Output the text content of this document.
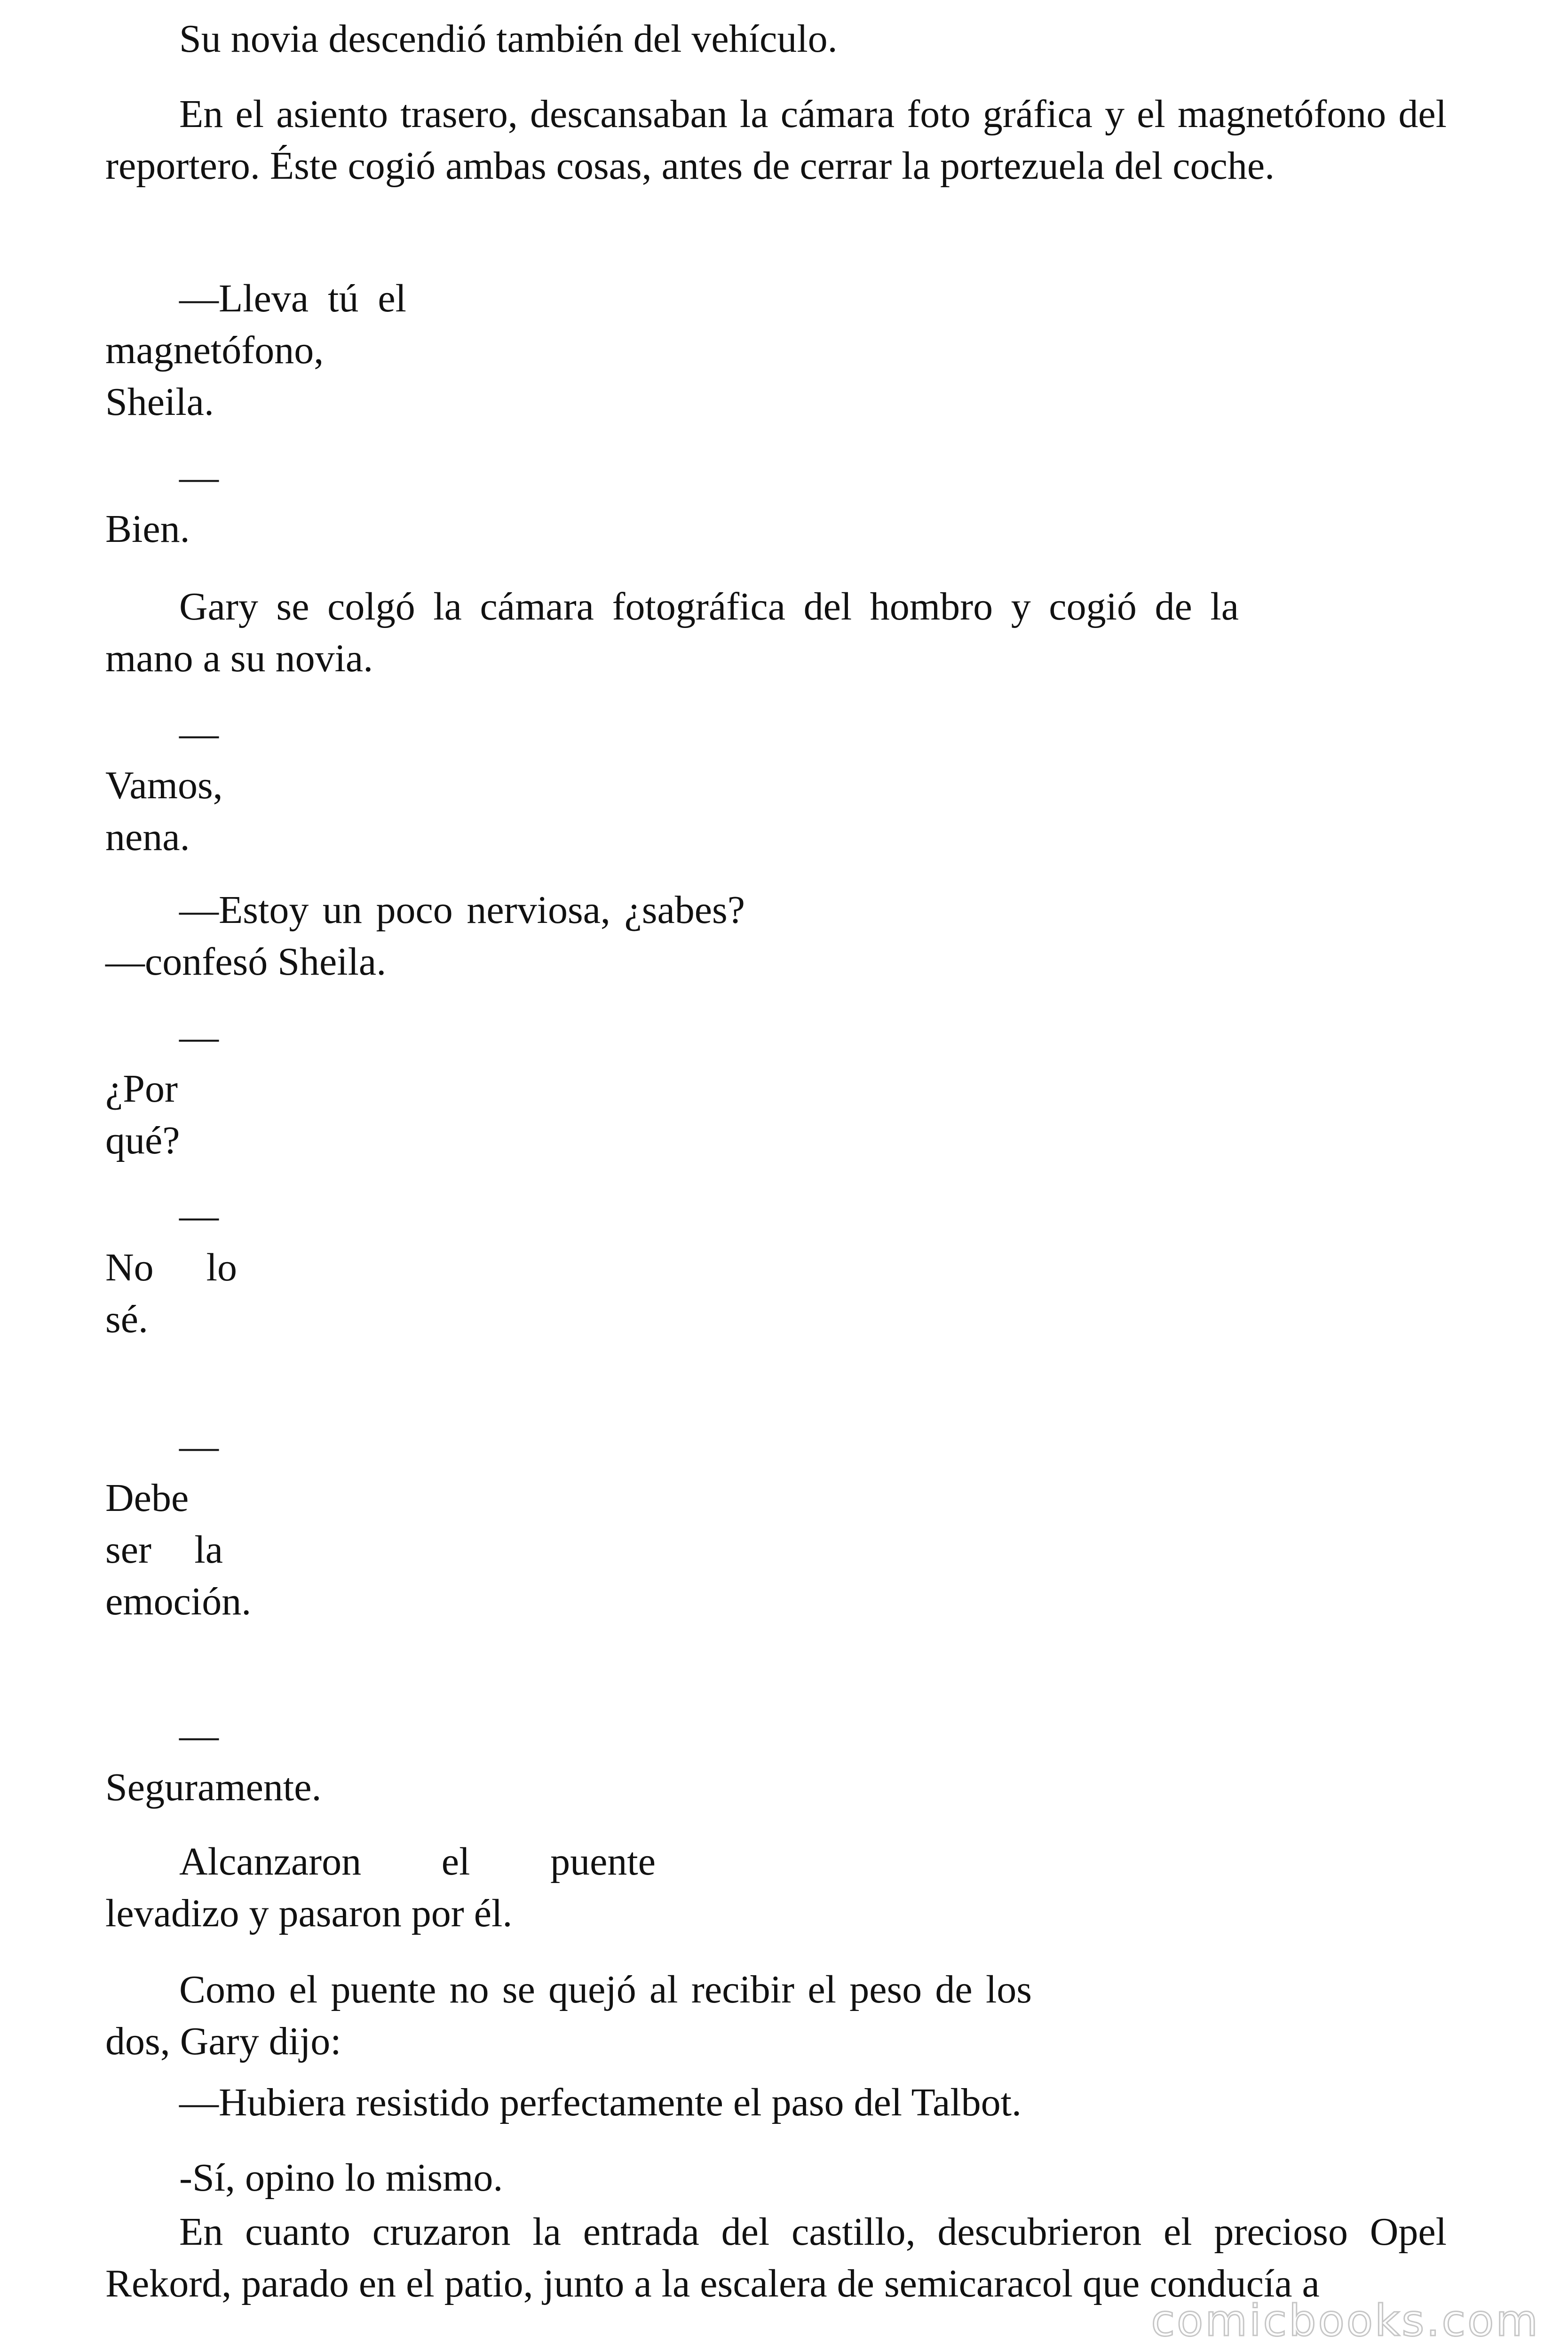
Su novia descendió también del vehículo.

En el asiento trasero, descansaban la cámara foto gráfica y el magnetófono del reportero. Éste cogió ambas cosas, antes de cerrar la portezuela del coche.

—Lleva tú el magnetófono, Sheila.

— Bien.

Gary se colgó la cámara fotográfica del hombro y cogió de la mano a su novia.

— Vamos, nena.

—Estoy un poco nerviosa, ¿sabes? —confesó Sheila.

— ¿Por qué?

— No lo sé.

— Debe ser la emoción.

— Seguramente.

Alcanzaron el puente levadizo y pasaron por él.

Como el puente no se quejó al recibir el peso de los dos, Gary dijo:

—Hubiera resistido perfectamente el paso del Talbot.

-Sí, opino lo mismo.

En cuanto cruzaron la entrada del castillo, descubrieron el precioso Opel Rekord, parado en el patio, junto a la escalera de semicaracol que conducía a

comicbooks.com
